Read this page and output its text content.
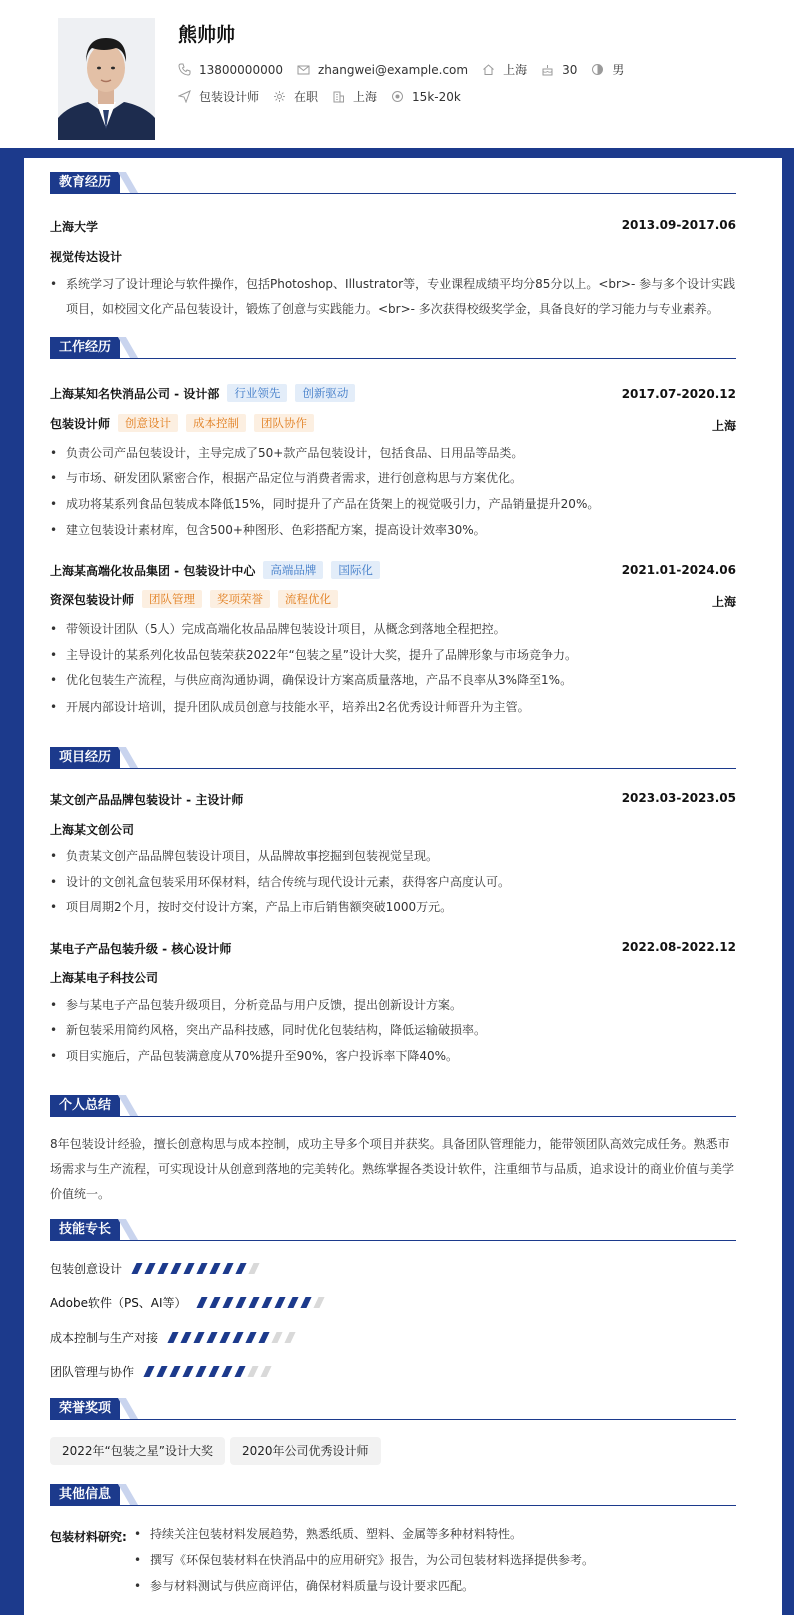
熊帅帅
13800000000	zhangwei@example.com	上海	30	男
包装设计师	在职	上海	15k-20k
教育经历
上海大学	2013.09-2017.06
视觉传达设计
• 系统学习了设计理论与软件操作，包括Photoshop、Illustrator等，专业课程成绩平均分85分以上。<br>- 参与多个设计实践项目，如校园文化产品包装设计，锻炼了创意与实践能力。<br>- 多次获得校级奖学金，具备良好的学习能力与专业素养。
工作经历
上海某知名快消品公司 - 设计部	行业领先	创新驱动	2017.07-2020.12
包装设计师	创意设计	成本控制	团队协作	上海
• 负责公司产品包装设计，主导完成了50+款产品包装设计，包括食品、日用品等品类。
• 与市场、研发团队紧密合作，根据产品定位与消费者需求，进行创意构思与方案优化。
• 成功将某系列食品包装成本降低15%，同时提升了产品在货架上的视觉吸引力，产品销量提升20%。
• 建立包装设计素材库，包含500+种图形、色彩搭配方案，提高设计效率30%。
上海某高端化妆品集团 - 包装设计中心	高端品牌	国际化	2021.01-2024.06
资深包装设计师	团队管理	奖项荣誉	流程优化	上海
• 带领设计团队（5人）完成高端化妆品品牌包装设计项目，从概念到落地全程把控。
• 主导设计的某系列化妆品包装荣获2022年“包装之星”设计大奖，提升了品牌形象与市场竞争力。
• 优化包装生产流程，与供应商沟通协调，确保设计方案高质量落地，产品不良率从3%降至1%。
• 开展内部设计培训，提升团队成员创意与技能水平，培养出2名优秀设计师晋升为主管。
项目经历
某文创产品品牌包装设计 - 主设计师	2023.03-2023.05
上海某文创公司
• 负责某文创产品品牌包装设计项目，从品牌故事挖掘到包装视觉呈现。
• 设计的文创礼盒包装采用环保材料，结合传统与现代设计元素，获得客户高度认可。
• 项目周期2个月，按时交付设计方案，产品上市后销售额突破1000万元。
某电子产品包装升级 - 核心设计师	2022.08-2022.12
上海某电子科技公司
• 参与某电子产品包装升级项目，分析竞品与用户反馈，提出创新设计方案。
• 新包装采用简约风格，突出产品科技感，同时优化包装结构，降低运输破损率。
• 项目实施后，产品包装满意度从70%提升至90%，客户投诉率下降40%。
个人总结
8年包装设计经验，擅长创意构思与成本控制，成功主导多个项目并获奖。具备团队管理能力，能带领团队高效完成任务。熟悉市场需求与生产流程，可实现设计从创意到落地的完美转化。熟练掌握各类设计软件，注重细节与品质，追求设计的商业价值与美学价值统一。
技能专长
包装创意设计
Adobe软件（PS、AI等）
成本控制与生产对接
团队管理与协作
荣誉奖项
2022年“包装之星”设计大奖	2020年公司优秀设计师
其他信息
包装材料研究:
•	持续关注包装材料发展趋势，熟悉纸质、塑料、金属等多种材料特性。
• 撰写《环保包装材料在快消品中的应用研究》报告，为公司包装材料选择提供参考。
• 参与材料测试与供应商评估，确保材料质量与设计要求匹配。
